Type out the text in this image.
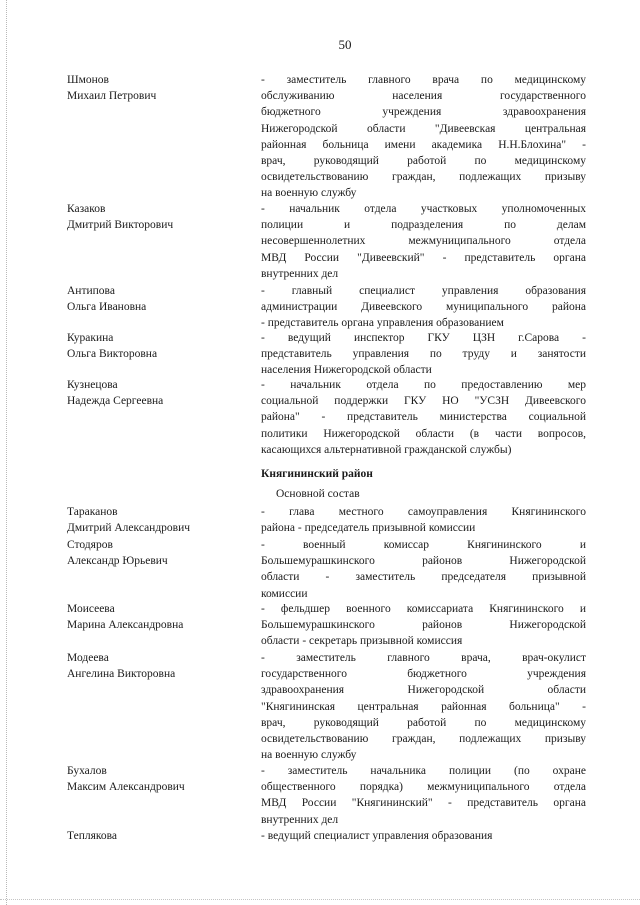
50
Шмонов
Михаил Петрович
- заместитель главного врача по медицинскому
обслуживанию населения государственного
бюджетного учреждения здравоохранения
Нижегородской области "Дивеевская центральная
районная больница имени академика Н.Н.Блохина" -
врач, руководящий работой по медицинскому
освидетельствованию граждан, подлежащих призыву
на военную службу
Казаков
Дмитрий Викторович
- начальник отдела участковых уполномоченных
полиции и подразделения по делам
несовершеннолетних межмуниципального отдела
МВД России "Дивеевский" - представитель органа
внутренних дел
Антипова
Ольга Ивановна
- главный специалист управления образования
администрации Дивеевского муниципального района
- представитель органа управления образованием
Куракина
Ольга Викторовна
- ведущий инспектор ГКУ ЦЗН г.Сарова -
представитель управления по труду и занятости
населения Нижегородской области
Кузнецова
Надежда Сергеевна
- начальник отдела по предоставлению мер
социальной поддержки ГКУ НО "УСЗН Дивеевского
района" - представитель министерства социальной
политики Нижегородской области (в части вопросов,
касающихся альтернативной гражданской службы)
Княгининский район
Основной состав
Тараканов
Дмитрий Александрович
- глава местного самоуправления Княгининского
района - председатель призывной комиссии
Стодяров
Александр Юрьевич
- военный комиссар Княгининского и
Большемурашкинского районов Нижегородской
области - заместитель председателя призывной
комиссии
Моисеева
Марина Александровна
- фельдшер военного комиссариата Княгининского и
Большемурашкинского районов Нижегородской
области - секретарь призывной комиссия
Модеева
Ангелина Викторовна
- заместитель главного врача, врач-окулист
государственного бюджетного учреждения
здравоохранения Нижегородской области
"Княгининская центральная районная больница" -
врач, руководящий работой по медицинскому
освидетельствованию граждан, подлежащих призыву
на военную службу
Бухалов
Максим Александрович
- заместитель начальника полиции (по охране
общественного порядка) межмуниципального отдела
МВД России "Княгининский" - представитель органа
внутренних дел
Теплякова	- ведущий специалист управления образования
